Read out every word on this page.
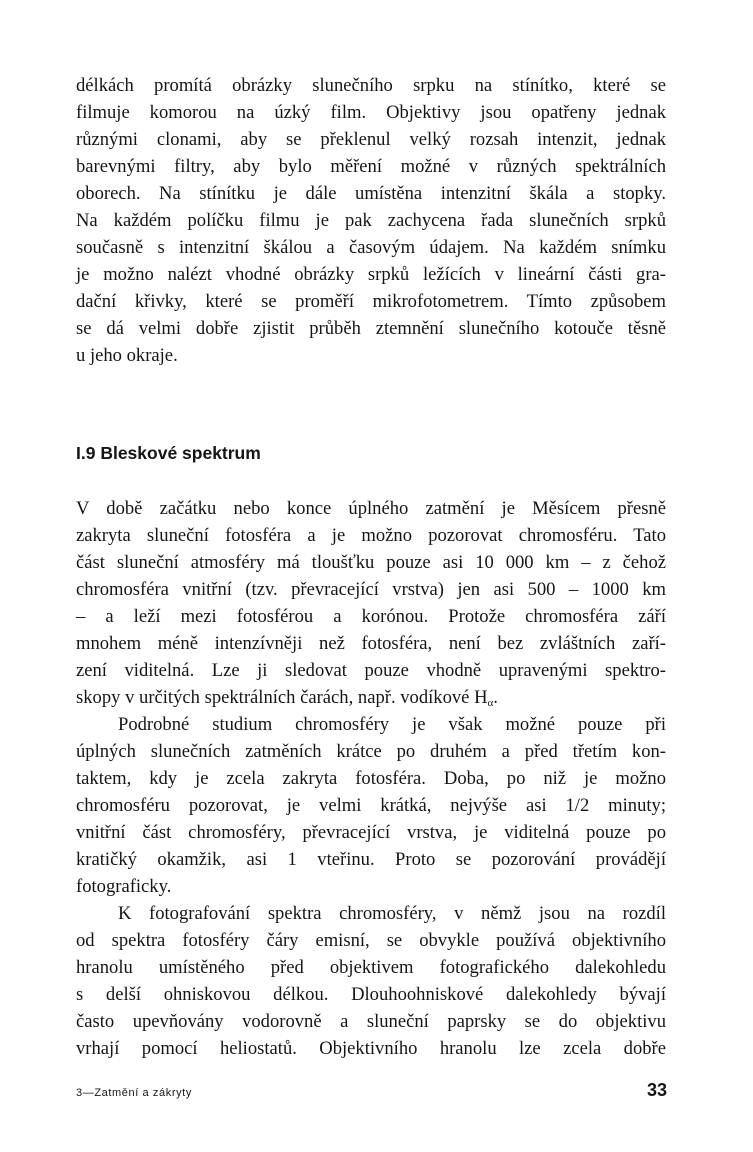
délkách promítá obrázky slunečního srpku na stínítko, které se
filmuje komorou na úzký film. Objektivy jsou opatřeny jednak
různými clonami, aby se překlenul velký rozsah intenzit, jednak
barevnými filtry, aby bylo měření možné v různých spektrálních
oborech. Na stínítku je dále umístěna intenzitní škála a stopky.
Na každém políčku filmu je pak zachycena řada slunečních srpků
současně s intenzitní škálou a časovým údajem. Na každém snímku
je možno nalézt vhodné obrázky srpků ležících v lineární části gra-
dační křivky, které se proměří mikrofotometrem. Tímto způsobem
se dá velmi dobře zjistit průběh ztemnění slunečního kotouče těsně
u jeho okraje.
I.9 Bleskové spektrum
V době začátku nebo konce úplného zatmění je Měsícem přesně
zakryta sluneční fotosféra a je možno pozorovat chromosféru. Tato
část sluneční atmosféry má tloušťku pouze asi 10 000 km – z čehož
chromosféra vnitřní (tzv. převracející vrstva) jen asi 500 – 1000 km
– a leží mezi fotosférou a korónou. Protože chromosféra září
mnohem méně intenzívněji než fotosféra, není bez zvláštních zaří-
zení viditelná. Lze ji sledovat pouze vhodně upravenými spektro-
skopy v určitých spektrálních čarách, např. vodíkové $H_\alpha$.
Podrobné studium chromosféry je však možné pouze při
úplných slunečních zatměních krátce po druhém a před třetím kon-
taktem, kdy je zcela zakryta fotosféra. Doba, po niž je možno
chromosféru pozorovat, je velmi krátká, nejvýše asi 1/2 minuty;
vnitřní část chromosféry, převracející vrstva, je viditelná pouze po
kratičký okamžik, asi 1 vteřinu. Proto se pozorování provádějí
fotograficky.
K fotografování spektra chromosféry, v němž jsou na rozdíl
od spektra fotosféry čáry emisní, se obvykle používá objektivního
hranolu umístěného před objektivem fotografického dalekohledu
s delší ohniskovou délkou. Dlouhoohniskové dalekohledy bývají
často upevňovány vodorovně a sluneční paprsky se do objektivu
vrhají pomocí heliostatů. Objektivního hranolu lze zcela dobře
3—Zatmění a zákryty	33
